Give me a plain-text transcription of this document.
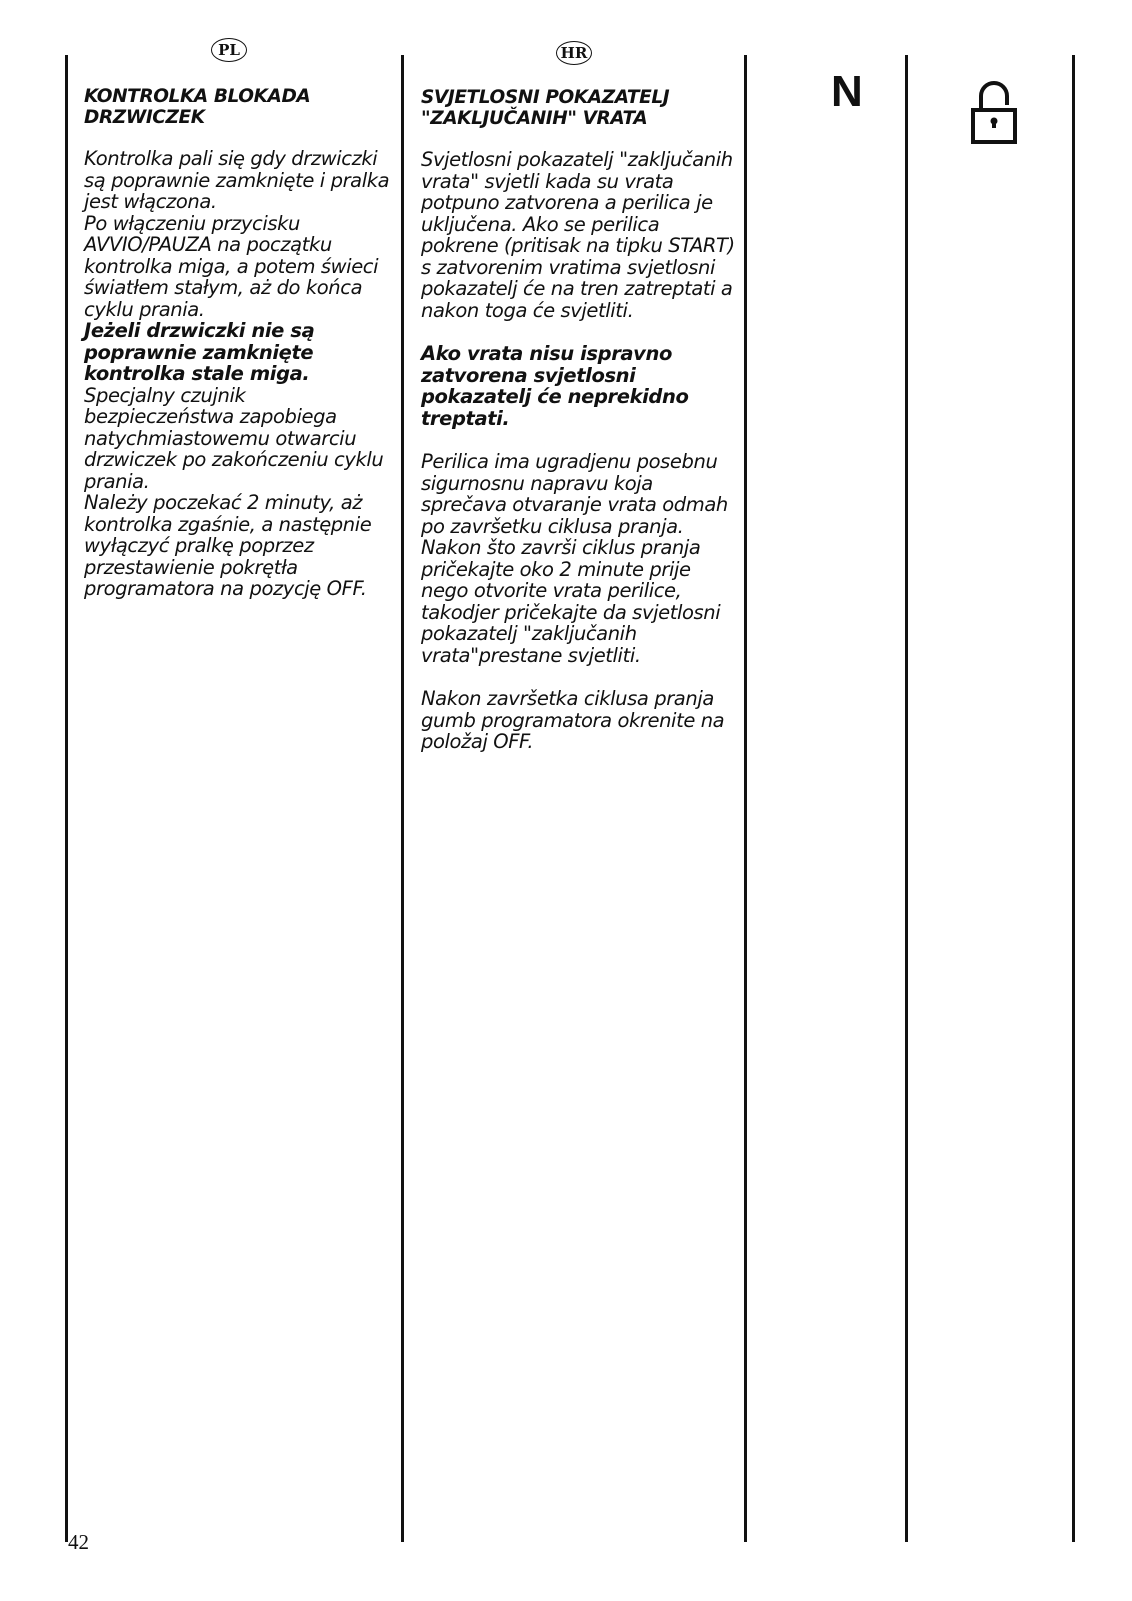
PL	HR

KONTROLKA BLOKADA DRZWICZEK

Kontrolka pali się gdy drzwiczki są poprawnie zamknięte i pralka jest włączona.

Po włączeniu przycisku AVVIO/PAUZA na początku kontrolka miga, a potem świeci światłem stałym, aż do końca cyklu prania.

Jeżeli drzwiczki nie są poprawnie zamknięte kontrolka stale miga.

Specjalny czujnik bezpieczeństwa zapobiega natychmiastowemu otwarciu drzwiczek po zakończeniu cyklu prania.

Należy poczekać 2 minuty, aż kontrolka zgaśnie, a następnie wyłączyć pralkę poprzez przestawienie pokrętła programatora na pozycję OFF.

SVJETLOSNI POKAZATELJ "ZAKLJUČANIH" VRATA

Svjetlosni pokazatelj "zaključanih vrata" svjetli kada su vrata potpuno zatvorena a perilica je uključena. Ako se perilica pokrene (pritisak na tipku START) s zatvorenim vratima svjetlosni pokazatelj će na tren zatreptati a nakon toga će svjetliti.

Ako vrata nisu ispravno zatvorena svjetlosni pokazatelj će neprekidno treptati.

Perilica ima ugradjenu posebnu sigurnosnu napravu koja sprečava otvaranje vrata odmah po završetku ciklusa pranja. Nakon što završi ciklus pranja pričekajte oko 2 minute prije nego otvorite vrata perilice, takodjer pričekajte da svjetlosni pokazatelj "zaključanih vrata"prestane svjetliti.

Nakon završetka ciklusa pranja gumb programatora okrenite na položaj OFF.

N
42
